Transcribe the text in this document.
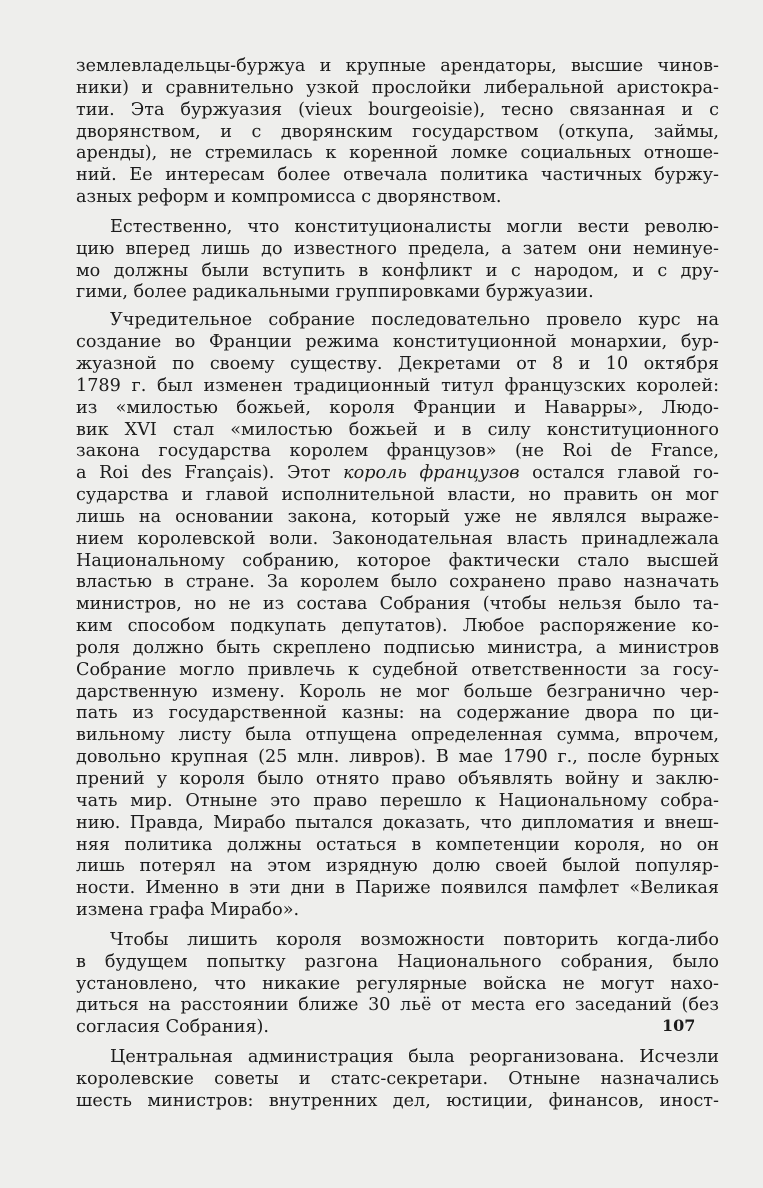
землевладельцы-буржуа и крупные арендаторы, высшие чинов-
ники) и сравнительно узкой прослойки либеральной аристокра-
тии. Эта буржуазия (vieux bourgeoisie), тесно связанная и с
дворянством, и с дворянским государством (откупа, займы,
аренды), не стремилась к коренной ломке социальных отноше-
ний. Ее интересам более отвечала политика частичных буржу-
азных реформ и компромисса с дворянством.
Естественно, что конституционалисты могли вести револю-
цию вперед лишь до известного предела, а затем они неминуе-
мо должны были вступить в конфликт и с народом, и с дру-
гими, более радикальными группировками буржуазии.
Учредительное собрание последовательно провело курс на
создание во Франции режима конституционной монархии, бур-
жуазной по своему существу. Декретами от 8 и 10 октября
1789 г. был изменен традиционный титул французских королей:
из «милостью божьей, короля Франции и Наварры», Людо-
вик XVI стал «милостью божьей и в силу конституционного
закона государства королем французов» (не Roi de France,
a Roi des Français). Этот король французов остался главой го-
сударства и главой исполнительной власти, но править он мог
лишь на основании закона, который уже не являлся выраже-
нием королевской воли. Законодательная власть принадлежала
Национальному собранию, которое фактически стало высшей
властью в стране. За королем было сохранено право назначать
министров, но не из состава Собрания (чтобы нельзя было та-
ким способом подкупать депутатов). Любое распоряжение ко-
роля должно быть скреплено подписью министра, а министров
Собрание могло привлечь к судебной ответственности за госу-
дарственную измену. Король не мог больше безгранично чер-
пать из государственной казны: на содержание двора по ци-
вильному листу была отпущена определенная сумма, впрочем,
довольно крупная (25 млн. ливров). В мае 1790 г., после бурных
прений у короля было отнято право объявлять войну и заклю-
чать мир. Отныне это право перешло к Национальному собра-
нию. Правда, Мирабо пытался доказать, что дипломатия и внеш-
няя политика должны остаться в компетенции короля, но он
лишь потерял на этом изрядную долю своей былой популяр-
ности. Именно в эти дни в Париже появился памфлет «Великая
измена графа Мирабо».
Чтобы лишить короля возможности повторить когда-либо
в будущем попытку разгона Национального собрания, было
установлено, что никакие регулярные войска не могут нахо-
диться на расстоянии ближе 30 льё от места его заседаний (без
согласия Собрания).
Центральная администрация была реорганизована. Исчезли
королевские советы и статс-секретари. Отныне назначались
шесть министров: внутренних дел, юстиции, финансов, иност-
107
